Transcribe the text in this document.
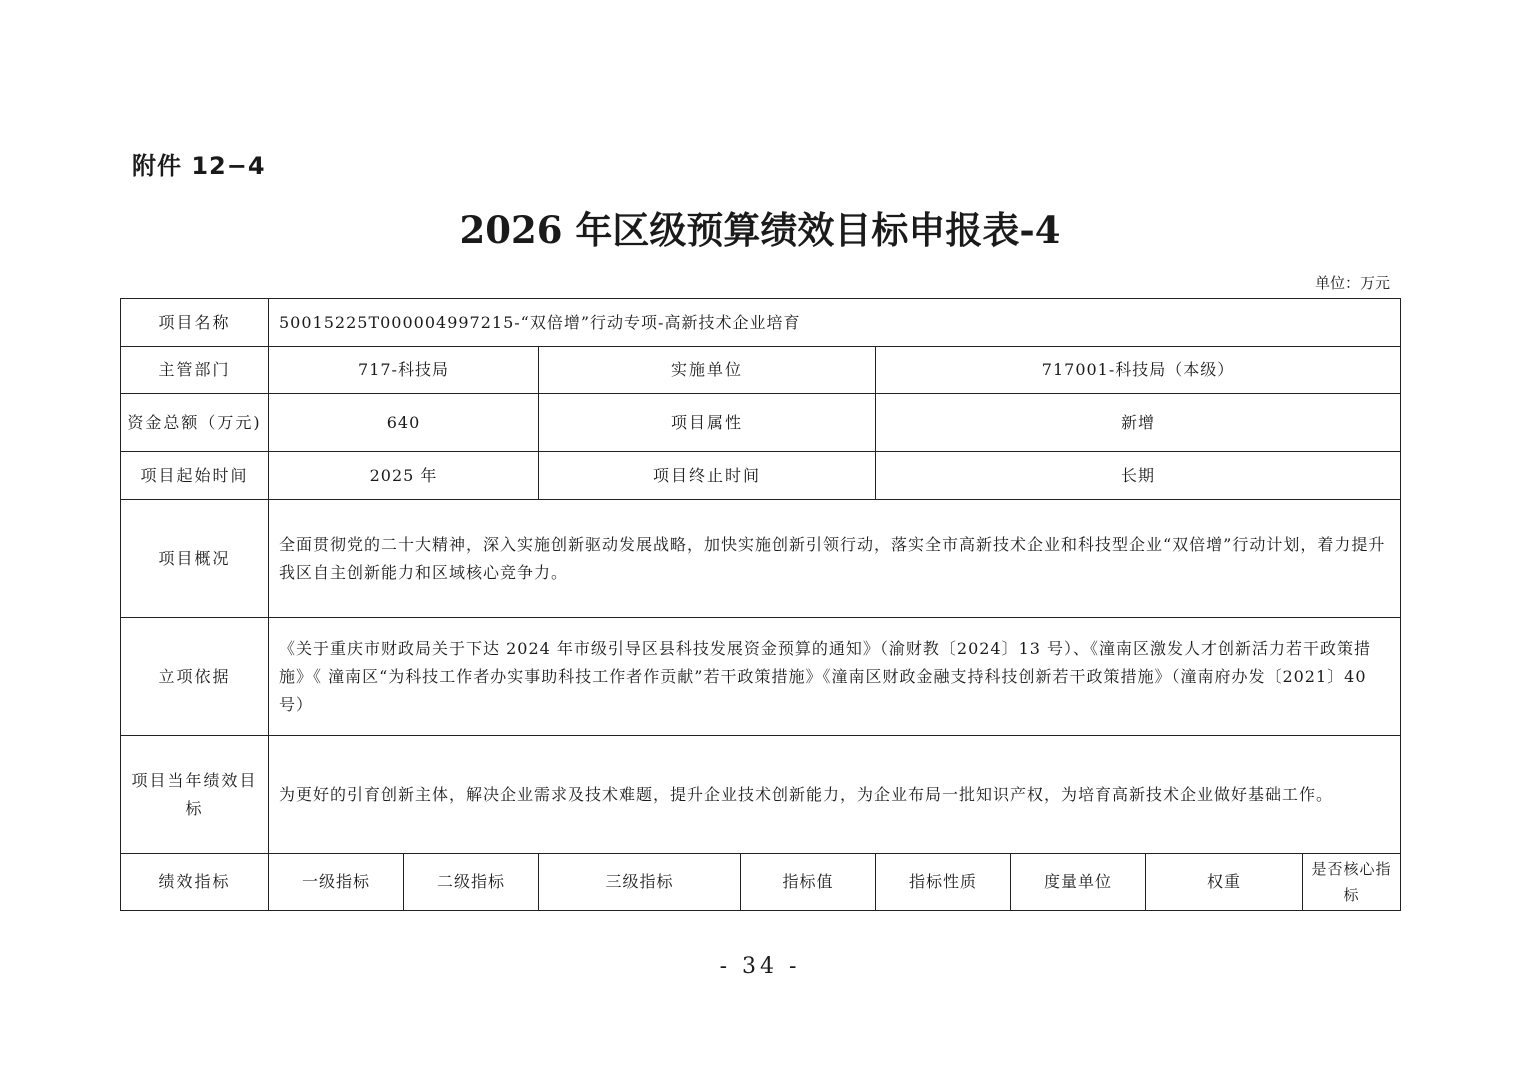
附件 12−4
2026 年区级预算绩效目标申报表-4
单位：万元
项目名称	50015225T000004997215-“双倍增”行动专项-高新技术企业培育							
主管部门	717-科技局		实施单位		717001-科技局（本级）			
资金总额（万元)	640		项目属性		新增			
项目起始时间	2025 年		项目终止时间		长期			
项目概况	全面贯彻党的二十大精神，深入实施创新驱动发展战略，加快实施创新引领行动，落实全市高新技术企业和科技型企业“双倍增”行动计划，着力提升我区自主创新能力和区域核心竞争力。							
立项依据	《关于重庆市财政局关于下达 2024 年市级引导区县科技发展资金预算的通知》（渝财教〔2024〕13 号）、《潼南区激发人才创新活力若干政策措施》《 潼南区“为科技工作者办实事助科技工作者作贡献”若干政策措施》《潼南区财政金融支持科技创新若干政策措施》（潼南府办发〔2021〕40 号）							
项目当年绩效目标	为更好的引育创新主体，解决企业需求及技术难题，提升企业技术创新能力，为企业布局一批知识产权，为培育高新技术企业做好基础工作。							
绩效指标	一级指标	二级指标	三级指标	指标值	指标性质	度量单位	权重	是否核心指标
- 34 -
